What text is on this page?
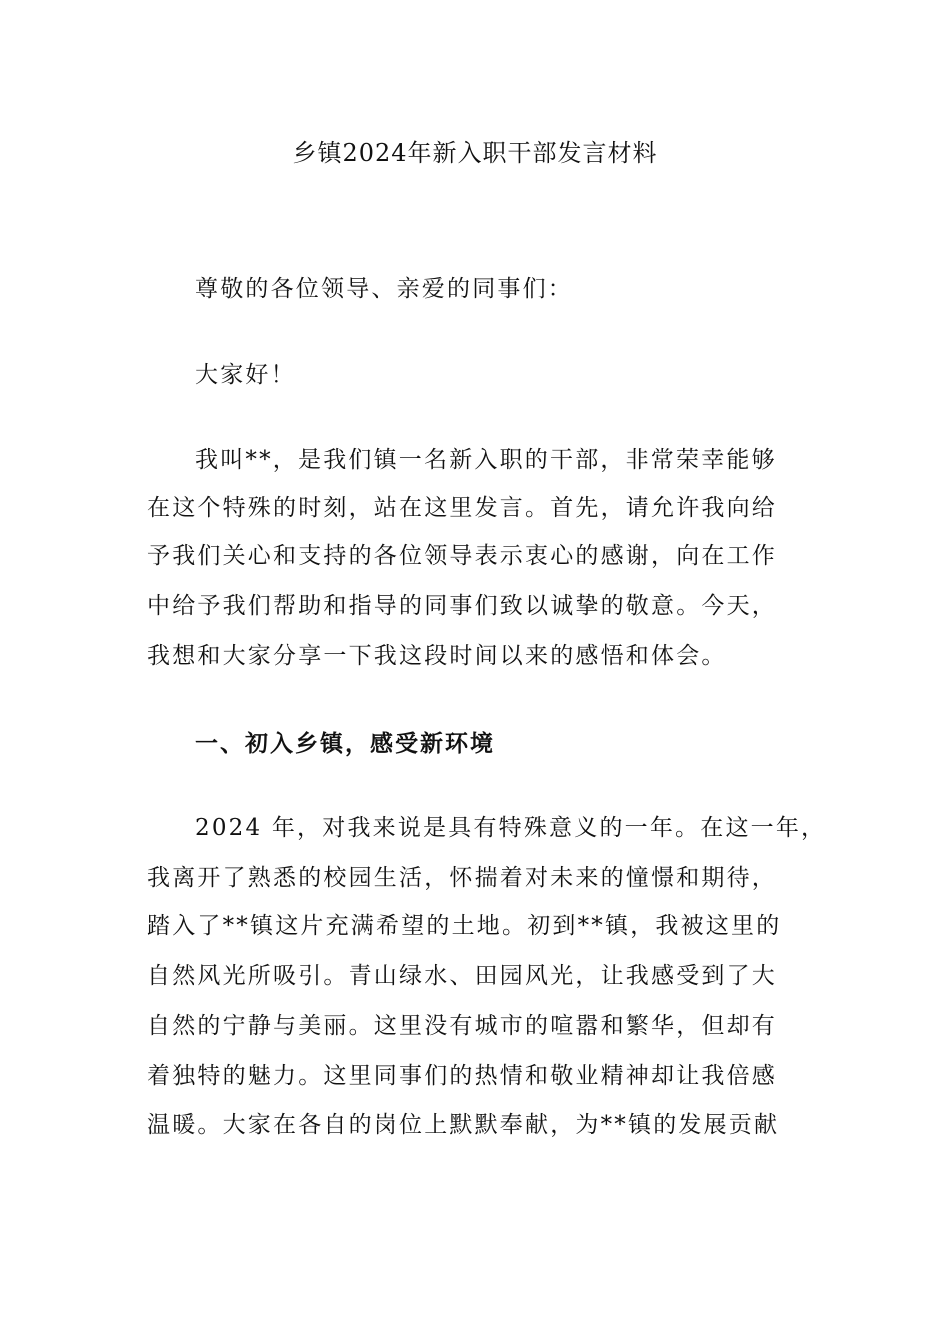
乡镇2024年新入职干部发言材料
尊敬的各位领导、亲爱的同事们：
大家好！
我叫**，是我们镇一名新入职的干部，非常荣幸能够
在这个特殊的时刻，站在这里发言。首先，请允许我向给
予我们关心和支持的各位领导表示衷心的感谢，向在工作
中给予我们帮助和指导的同事们致以诚挚的敬意。今天，
我想和大家分享一下我这段时间以来的感悟和体会。
一、初入乡镇，感受新环境
2024 年，对我来说是具有特殊意义的一年。在这一年，
我离开了熟悉的校园生活，怀揣着对未来的憧憬和期待，
踏入了**镇这片充满希望的土地。初到**镇，我被这里的
自然风光所吸引。青山绿水、田园风光，让我感受到了大
自然的宁静与美丽。这里没有城市的喧嚣和繁华，但却有
着独特的魅力。这里同事们的热情和敬业精神却让我倍感
温暖。大家在各自的岗位上默默奉献，为**镇的发展贡献
